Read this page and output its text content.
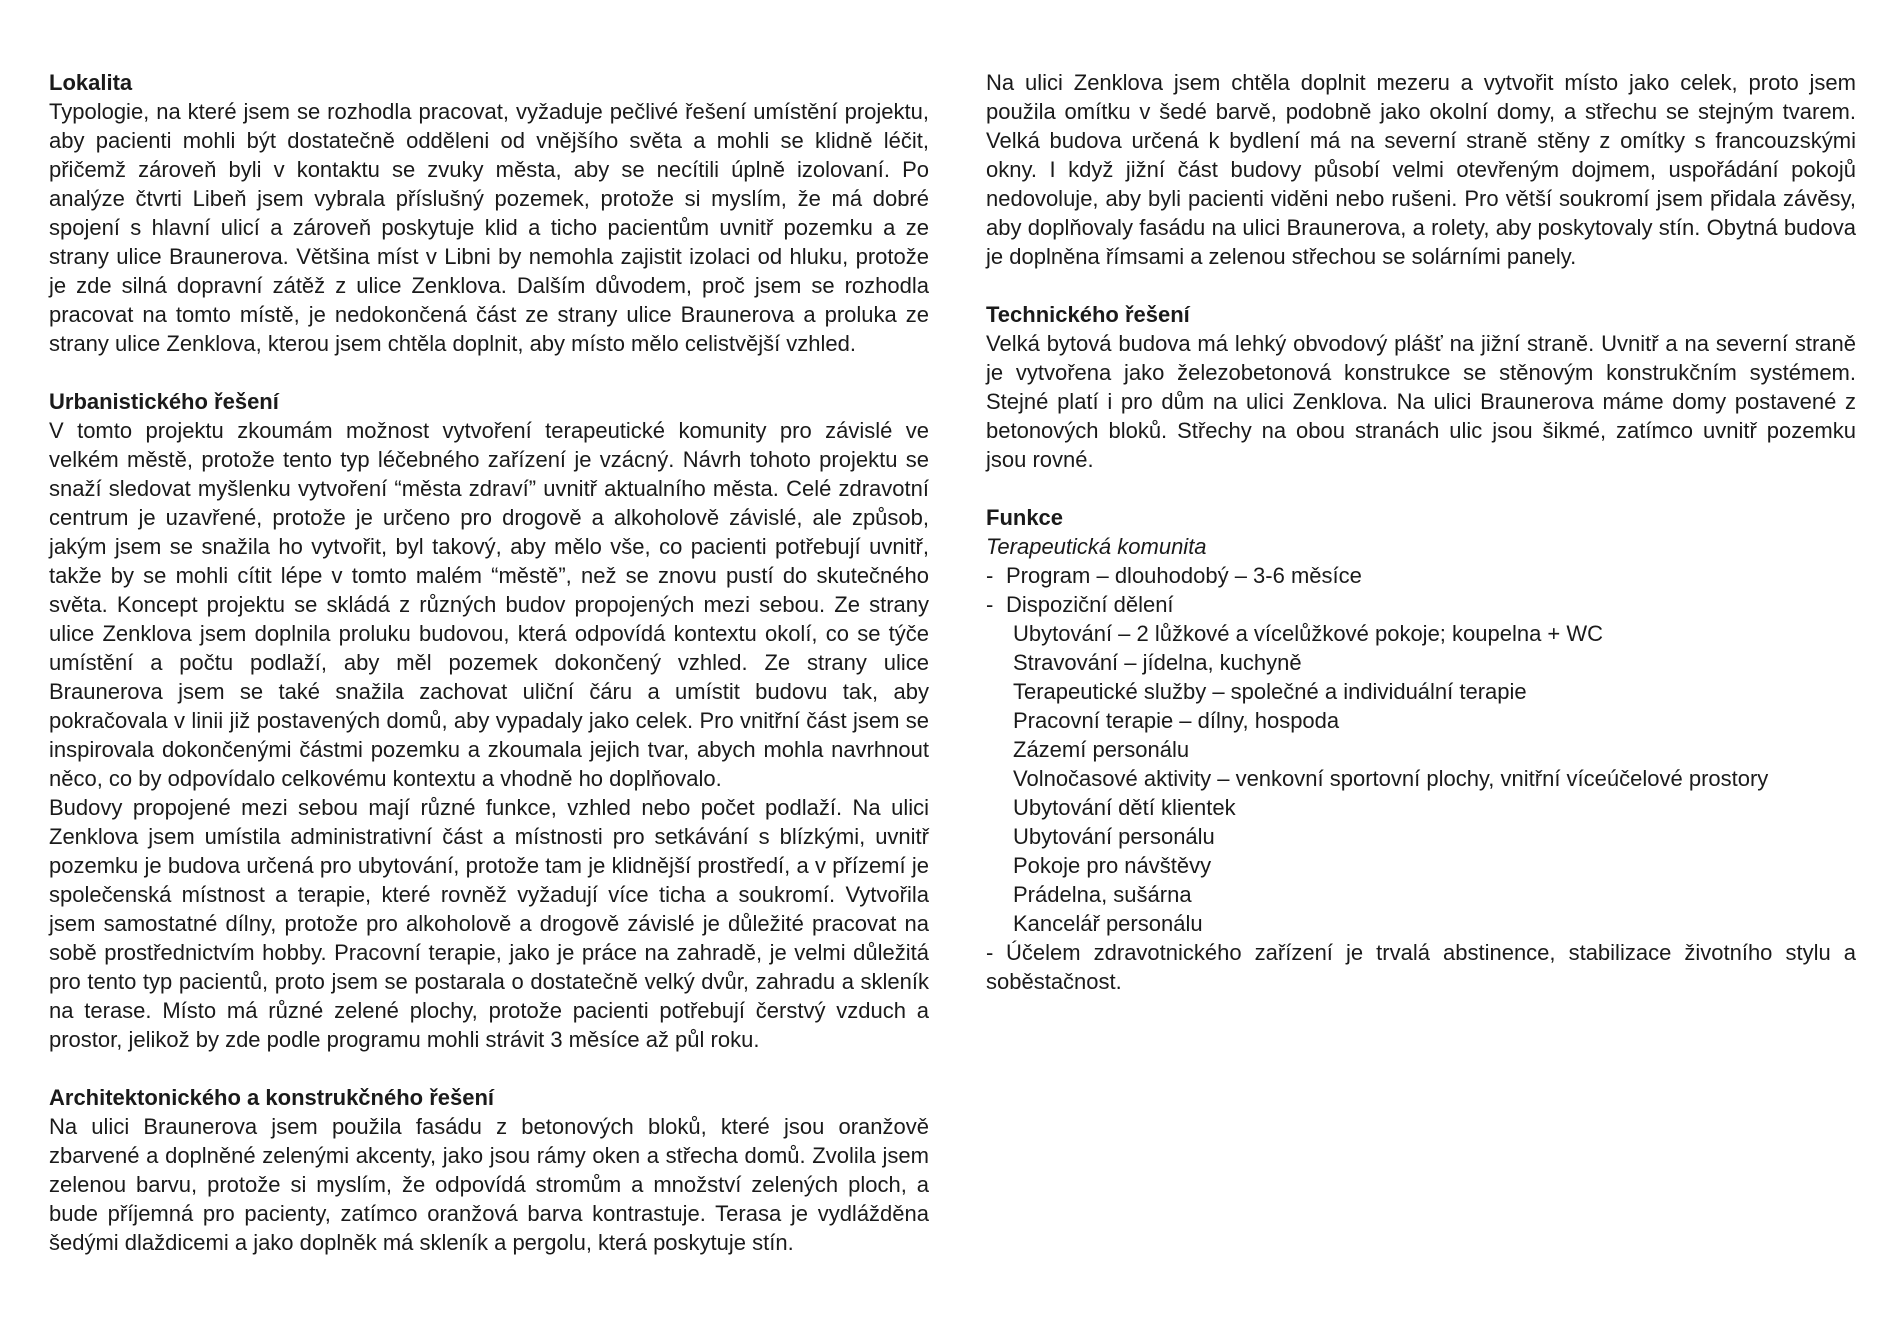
Lokalita

Typologie, na které jsem se rozhodla pracovat, vyžaduje pečlivé řešení umístění projektu, aby pacienti mohli být dostatečně odděleni od vnějšího světa a mohli se klidně léčit, přičemž zároveň byli v kontaktu se zvuky města, aby se necítili úplně izolovaní. Po analýze čtvrti Libeň jsem vybrala příslušný pozemek, protože si myslím, že má dobré spojení s hlavní ulicí a zároveň poskytuje klid a ticho pacientům uvnitř pozemku a ze strany ulice Braunerova. Většina míst v Libni by nemohla zajistit izolaci od hluku, protože je zde silná dopravní zátěž z ulice Zenklova. Dalším důvodem, proč jsem se rozhodla pracovat na tomto místě, je nedokončená část ze strany ulice Braunerova a proluka ze strany ulice Zenklova, kterou jsem chtěla doplnit, aby místo mělo celistvější vzhled.

Urbanistického řešení

V tomto projektu zkoumám možnost vytvoření terapeutické komunity pro závislé ve velkém městě, protože tento typ léčebného zařízení je vzácný. Návrh tohoto projektu se snaží sledovat myšlenku vytvoření “města zdraví” uvnitř aktualního města. Celé zdravotní centrum je uzavřené, protože je určeno pro drogově a alkoholově závislé, ale způsob, jakým jsem se snažila ho vytvořit, byl takový, aby mělo vše, co pacienti potřebují uvnitř, takže by se mohli cítit lépe v tomto malém “městě”, než se znovu pustí do skutečného světa. Koncept projektu se skládá z různých budov propojených mezi sebou. Ze strany ulice Zenklova jsem doplnila proluku budovou, která odpovídá kontextu okolí, co se týče umístění a počtu podlaží, aby měl pozemek dokončený vzhled. Ze strany ulice Braunerova jsem se také snažila zachovat uliční čáru a umístit budovu tak, aby pokračovala v linii již postavených domů, aby vypadaly jako celek. Pro vnitřní část jsem se inspirovala dokončenými částmi pozemku a zkoumala jejich tvar, abych mohla navrhnout něco, co by odpovídalo celkovému kontextu a vhodně ho doplňovalo.

Budovy propojené mezi sebou mají různé funkce, vzhled nebo počet podlaží. Na ulici Zenklova jsem umístila administrativní část a místnosti pro setkávání s blízkými, uvnitř pozemku je budova určená pro ubytování, protože tam je klidnější prostředí, a v přízemí je společenská místnost a terapie, které rovněž vyžadují více ticha a soukromí. Vytvořila jsem samostatné dílny, protože pro alkoholově a drogově závislé je důležité pracovat na sobě prostřednictvím hobby. Pracovní terapie, jako je práce na zahradě, je velmi důležitá pro tento typ pacientů, proto jsem se postarala o dostatečně velký dvůr, zahradu a skleník na terase. Místo má různé zelené plochy, protože pacienti potřebují čerstvý vzduch a prostor, jelikož by zde podle programu mohli strávit 3 měsíce až půl roku.

Architektonického a konstrukčného řešení

Na ulici Braunerova jsem použila fasádu z betonových bloků, které jsou oranžově zbarvené a doplněné zelenými akcenty, jako jsou rámy oken a střecha domů. Zvolila jsem zelenou barvu, protože si myslím, že odpovídá stromům a množství zelených ploch, a bude příjemná pro pacienty, zatímco oranžová barva kontrastuje. Terasa je vydlážděna šedými dlaždicemi a jako doplněk má skleník a pergolu, která poskytuje stín.

Na ulici Zenklova jsem chtěla doplnit mezeru a vytvořit místo jako celek, proto jsem použila omítku v šedé barvě, podobně jako okolní domy, a střechu se stejným tvarem. Velká budova určená k bydlení má na severní straně stěny z omítky s francouzskými okny. I když jižní část budovy působí velmi otevřeným dojmem, uspořádání pokojů nedovoluje, aby byli pacienti viděni nebo rušeni. Pro větší soukromí jsem přidala závěsy, aby doplňovaly fasádu na ulici Braunerova, a rolety, aby poskytovaly stín. Obytná budova je doplněna římsami a zelenou střechou se solárními panely.

Technického řešení

Velká bytová budova má lehký obvodový plášť na jižní straně. Uvnitř a na severní straně je vytvořena jako železobetonová konstrukce se stěnovým konstrukčním systémem. Stejné platí i pro dům na ulici Zenklova. Na ulici Braunerova máme domy postavené z betonových bloků. Střechy na obou stranách ulic jsou šikmé, zatímco uvnitř pozemku jsou rovné.

Funkce
Terapeutická komunita
- Program – dlouhodobý – 3-6 měsíce
- Dispoziční dělení
Ubytování – 2 lůžkové a vícelůžkové pokoje; koupelna + WC
Stravování – jídelna, kuchyně
Terapeutické služby – společné a individuální terapie
Pracovní terapie – dílny, hospoda
Zázemí personálu
Volnočasové aktivity – venkovní sportovní plochy, vnitřní víceúčelové prostory
Ubytování dětí klientek
Ubytování personálu
Pokoje pro návštěvy
Prádelna, sušárna
Kancelář personálu
- Účelem zdravotnického zařízení je trvalá abstinence, stabilizace životního stylu a soběstačnost.
